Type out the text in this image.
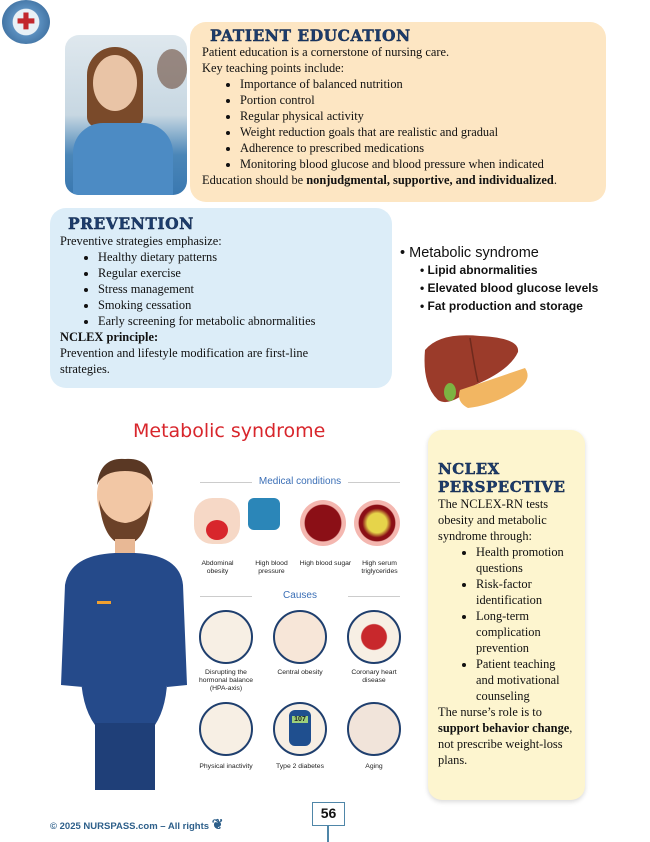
✚
PATIENT EDUCATION
Patient education is a cornerstone of nursing care.
Key teaching points include:
• Importance of balanced nutrition
• Portion control
• Regular physical activity
• Weight reduction goals that are realistic and gradual
• Adherence to prescribed medications
• Monitoring blood glucose and blood pressure when indicated
Education should be nonjudgmental, supportive, and individualized.
PREVENTION
Preventive strategies emphasize:
• Healthy dietary patterns
• Regular exercise
• Stress management
• Smoking cessation
• Early screening for metabolic abnormalities
NCLEX principle:
Prevention and lifestyle modification are first-line strategies.
• Metabolic syndrome
• Lipid abnormalities
• Elevated blood glucose levels
• Fat production and storage
Metabolic syndrome
Medical conditions
Abdominal obesity
High blood pressure
High blood sugar	High serum triglycerides
Causes
Disrupting the hormonal balance (HPA-axis)
Central obesity	Coronary heart disease
107
Physical inactivity	Type 2 diabetes	Aging
NCLEX PERSPECTIVE
The NCLEX-RN tests obesity and metabolic syndrome through:
• Health promotion questions
• Risk-factor identification
• Long-term complication prevention
• Patient teaching and motivational counseling
The nurse’s role is to support behavior change, not prescribe weight-loss plans.
© 2025 NURSPASS.com – All rights ❦
56
